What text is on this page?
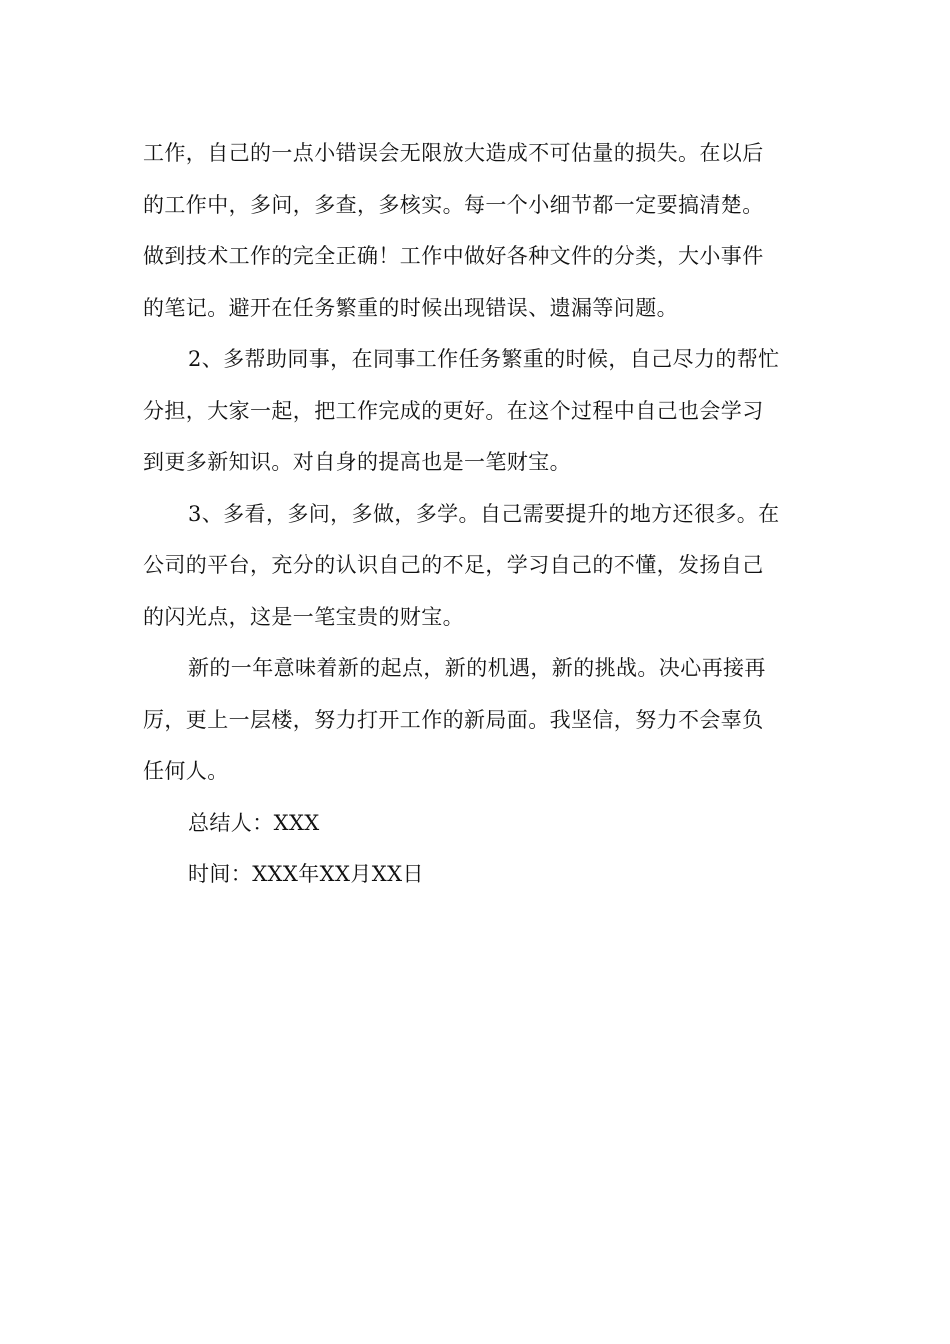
工作，自己的一点小错误会无限放大造成不可估量的损失。在以后

的工作中，多问，多查，多核实。每一个小细节都一定要搞清楚。

做到技术工作的完全正确！工作中做好各种文件的分类，大小事件

的笔记。避开在任务繁重的时候出现错误、遗漏等问题。

2、多帮助同事，在同事工作任务繁重的时候，自己尽力的帮忙

分担，大家一起，把工作完成的更好。在这个过程中自己也会学习

到更多新知识。对自身的提高也是一笔财宝。

3、多看，多问，多做，多学。自己需要提升的地方还很多。在

公司的平台，充分的认识自己的不足，学习自己的不懂，发扬自己

的闪光点，这是一笔宝贵的财宝。

新的一年意味着新的起点，新的机遇，新的挑战。决心再接再

厉，更上一层楼，努力打开工作的新局面。我坚信，努力不会辜负

任何人。

总结人：XXX

时间：XXX年XX月XX日
